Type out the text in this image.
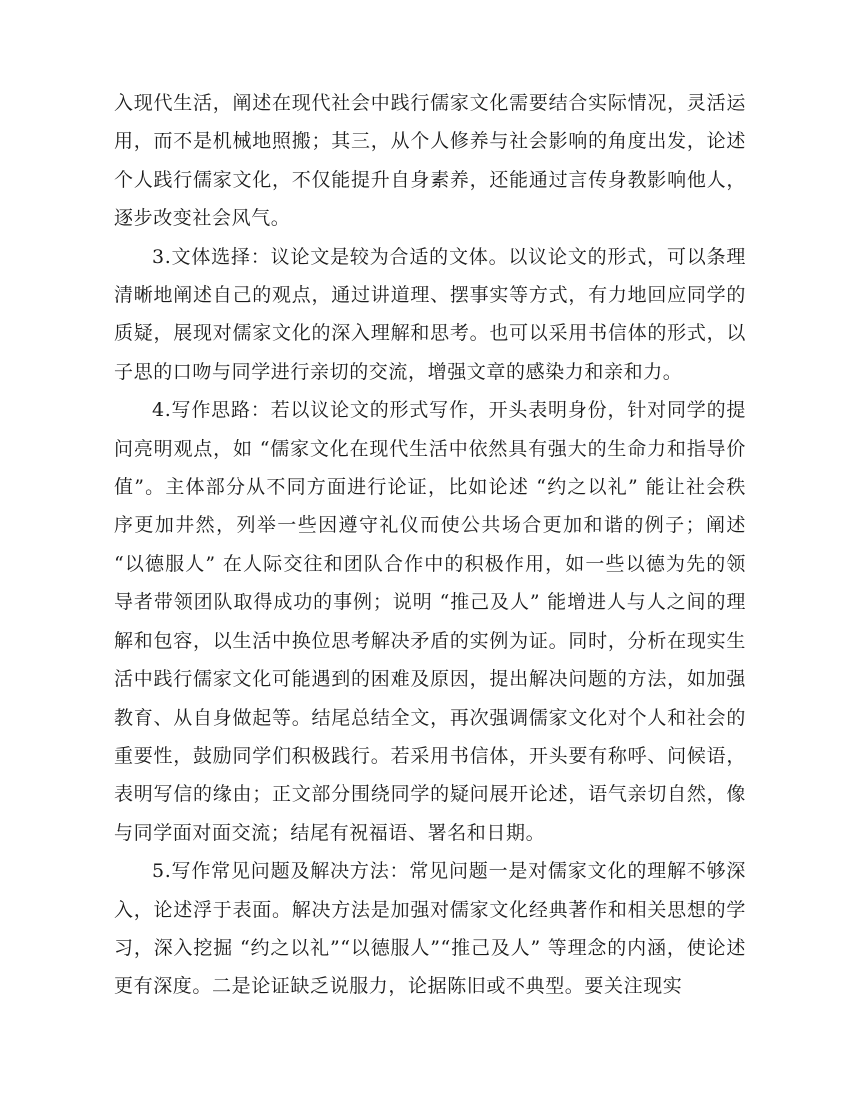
入现代生活，阐述在现代社会中践行儒家文化需要结合实际情况，灵活运用，而不是机械地照搬；其三，从个人修养与社会影响的角度出发，论述个人践行儒家文化，不仅能提升自身素养，还能通过言传身教影响他人，逐步改变社会风气。

3.文体选择：议论文是较为合适的文体。以议论文的形式，可以条理清晰地阐述自己的观点，通过讲道理、摆事实等方式，有力地回应同学的质疑，展现对儒家文化的深入理解和思考。也可以采用书信体的形式，以子思的口吻与同学进行亲切的交流，增强文章的感染力和亲和力。

4.写作思路：若以议论文的形式写作，开头表明身份，针对同学的提问亮明观点，如 “儒家文化在现代生活中依然具有强大的生命力和指导价值”。主体部分从不同方面进行论证，比如论述 “约之以礼” 能让社会秩序更加井然，列举一些因遵守礼仪而使公共场合更加和谐的例子；阐述 “以德服人” 在人际交往和团队合作中的积极作用，如一些以德为先的领导者带领团队取得成功的事例；说明 “推己及人” 能增进人与人之间的理解和包容，以生活中换位思考解决矛盾的实例为证。同时，分析在现实生活中践行儒家文化可能遇到的困难及原因，提出解决问题的方法，如加强教育、从自身做起等。结尾总结全文，再次强调儒家文化对个人和社会的重要性，鼓励同学们积极践行。若采用书信体，开头要有称呼、问候语，表明写信的缘由；正文部分围绕同学的疑问展开论述，语气亲切自然，像与同学面对面交流；结尾有祝福语、署名和日期。

5.写作常见问题及解决方法：常见问题一是对儒家文化的理解不够深入，论述浮于表面。解决方法是加强对儒家文化经典著作和相关思想的学习，深入挖掘 “约之以礼”“以德服人”“推己及人” 等理念的内涵，使论述更有深度。二是论证缺乏说服力，论据陈旧或不典型。要关注现实
